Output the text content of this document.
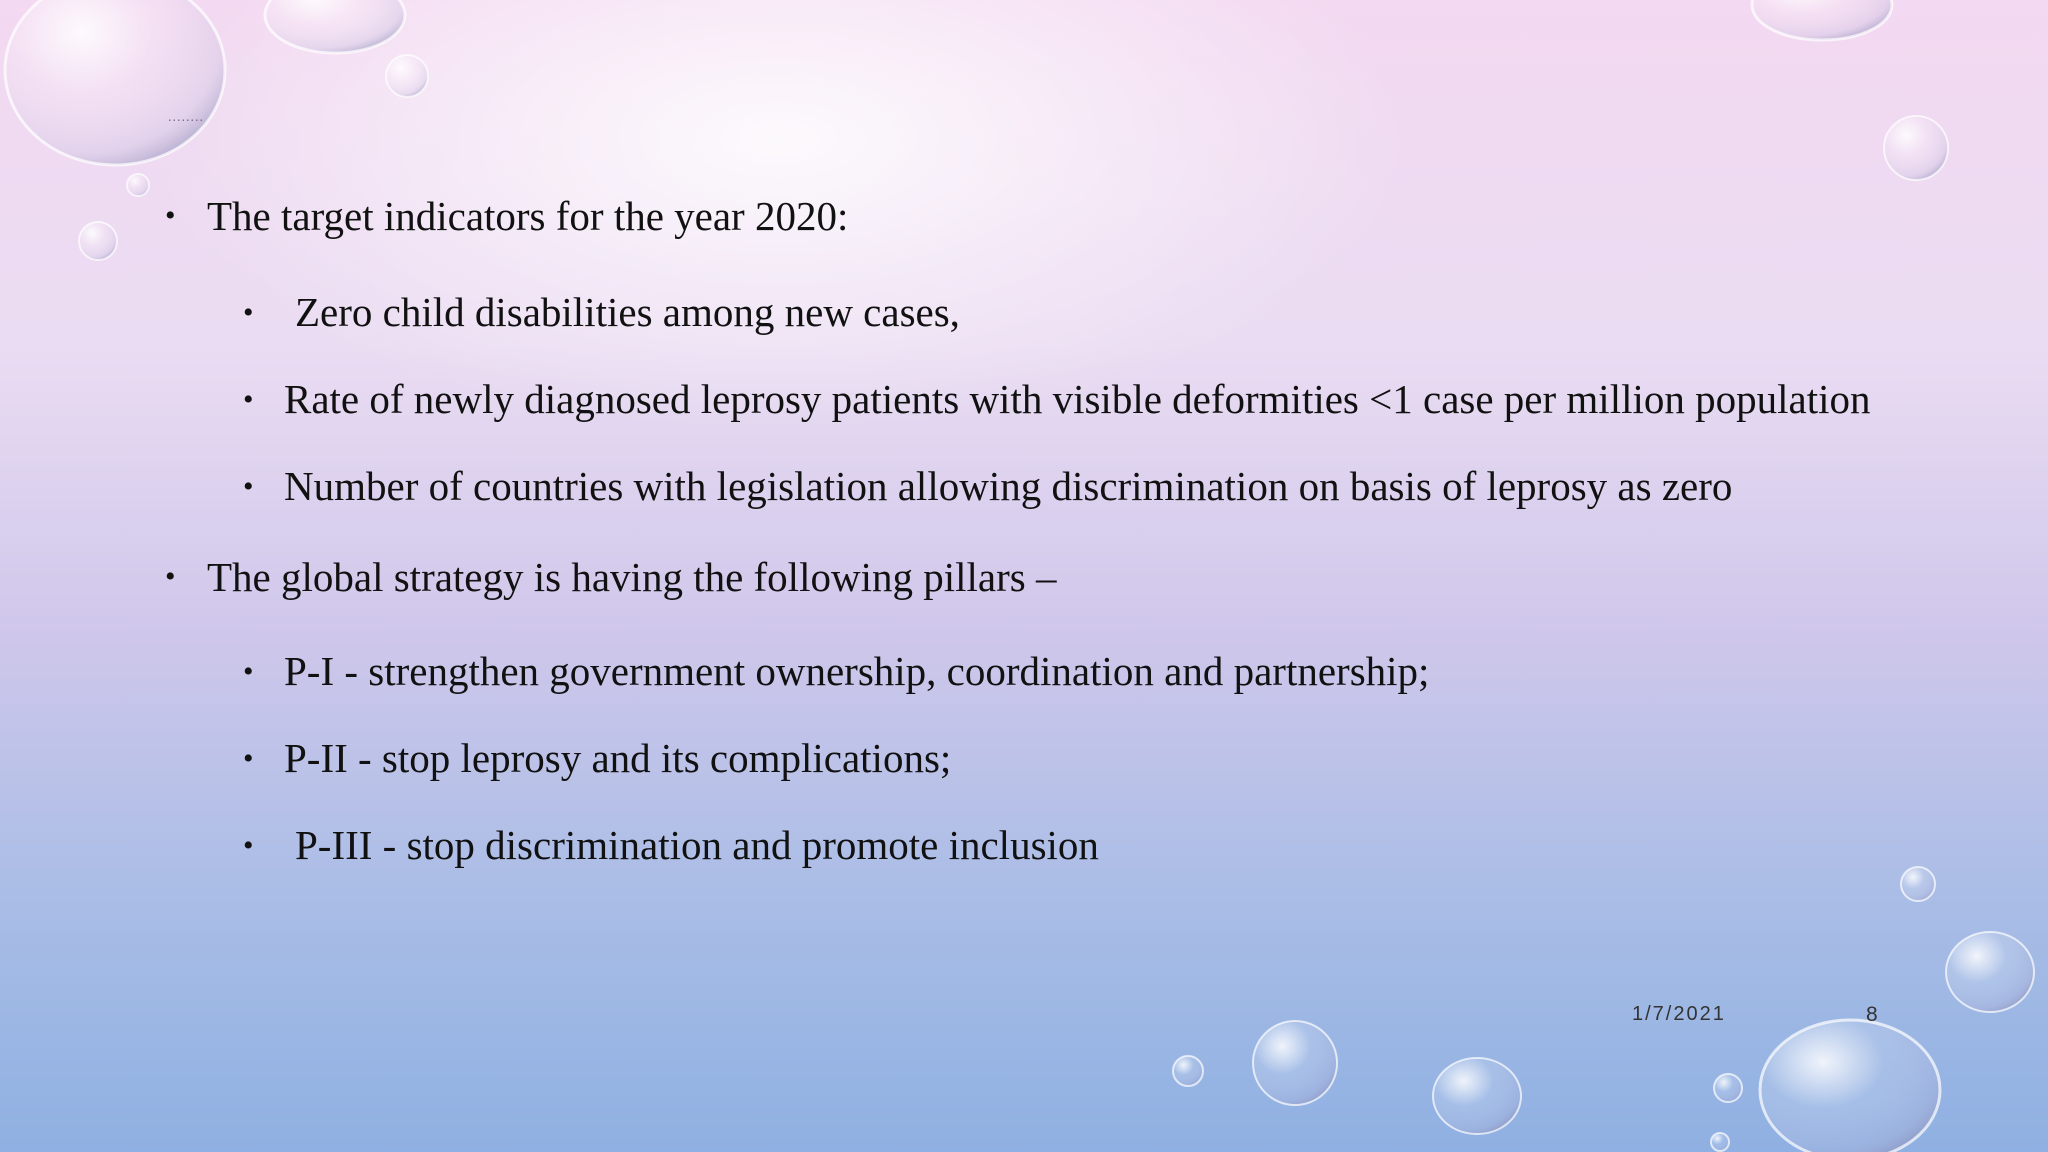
........

• The target indicators for the year 2020:

• Zero child disabilities among new cases,
• Rate of newly diagnosed leprosy patients with visible deformities <1 case per million population
• Number of countries with legislation allowing discrimination on basis of leprosy as zero

• The global strategy is having the following pillars –

• P-I - strengthen government ownership, coordination and partnership;
• P-II - stop leprosy and its complications;
• P-III - stop discrimination and promote inclusion
1/7/2021	8
